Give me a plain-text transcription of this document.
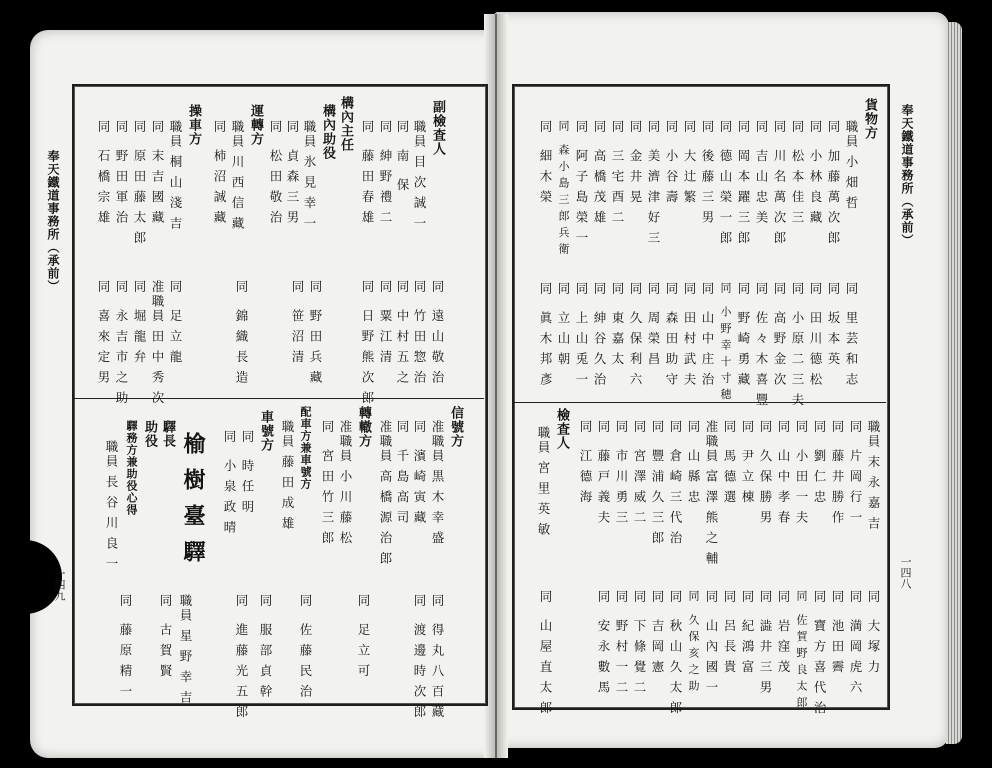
奉天鐵道事務所（承前）	奉天鐵道事務所（承前）
一四九	一四八
副檢査人
職員 目 次 誠 一
同　南　保
同　紳 野 禮 二
同　藤 田 春 雄
構內主任
構內助役
職員 氷 見 幸 一
同　貞 森 三 男
同　松 田 敬 治
運轉方
職員 川 西 信 藏
同　柿 沼 誠 藏
操車方
職員 桐 山 淺 吉
同　末 吉 國 藏
同　原 田 藤 太 郎
同　野 田 軍 治
同　石 橋 宗 雄
同　遠 山 敬 治
同　竹 田 惣 治
同　中 村 五 之
同　粟 江 清
同　日 野 熊 次 郎
同　野 田 兵 藏
同　笹 沼 清
同　錦 織 長 造
同　足 立 龍
准職員 田 中 秀 次
同　堀 龍 弁
同　永 吉 市 之 助
同　喜 來 定 男
信號方
准職員 黒 木 幸 盛
同　濱 崎 寅 藏
同　千 島 高 司
准職員 高 橋 源 治 郎
轉轍方
准職員 小 川 藤 松
同　宮 田 竹 三 郎
配車方兼車號方
職員 藤 田 成 雄
車號方
同　時 任 明
同　小 泉 政 晴
榆樹臺驛
驛長
助役
驛務方兼助役心得
職員 長 谷 川 良 一
同　得 丸 八 百 藏
同　渡 邊 時 次 郎
同　足 立 可
同　佐 藤 民 治
同　服 部 貞 幹
同　進 藤 光 五 郎
職員 星 野 幸 吉
同　古 賀 賢
同　藤 原 精 一
貨物方
職員 小 畑 哲
同　加 藤 萬 次 郎
同　小 林 良 藏
同　松 本 佳 三
同　川 名 萬 次 郎
同　吉 山 忠 美
同　岡 本 躍 三 郎
同　德 山 榮 一 郎
同　後 藤 三 男
同　大 辻 繁
同　小 谷 壽
同　美 濟 津 好 三
同　金 井 晃
同　三 宅 酉 二
同　高 橋 茂 雄
同　阿 子 島 榮 一
同　森 小 島 三 郎 兵 衛
同　細 木 榮
同　里 芸 和 志
同　坂 本 英
同　田 川 德 松
同　小 原 二 三 夫
同　高 野 金 次
同　佐 々 木 喜 豐
同　野 崎 勇 藏
同　小 野 幸 十 寸 穂
同　山 中 庄 治
同　田 村 武 夫
同　森 田 助 守
同　周 榮 昌
同　久 保 利 六
同　東 嘉 太
同　紳 谷 久 治
同　上 山 兎 一
同　立 山 朝
同　眞 木 邦 彥
職員 末 永 嘉 吉
同　片 岡 行 一
同　藤 井 勝 作
同　劉 仁 忠
同　小 田 一 夫
同　山 中 孝 春
同　久 保 勝 男
同　尹 立 棟
同　馬 德 選
准職員 富 澤 熊 之 輔
同　山 縣 忠
同　倉 崎 三 代 治
同　豐 浦 久 三 郎
同　宮 澤 威 二
同　市 川 勇 三
同　藤 戸 義 夫
同　江 德 海
檢査人
職員 宮 里 英 敏
同　大 塚 力
同　満 岡 虎 六
同　池 田 霽
同　寶 方 喜 代 治
同　佐 賀 野 良 太 郎
同　岩 窪 茂
同　澁 井 三 男
同　紀 鴻 富
同　呂 長 貴
同　山 內 國 一
同　久 保 亥 之 助
同　秋 山 久 太 郎
同　吉 岡 憲
同　下 條 覺 二
同　野 村 一 二
同　安 永 數 馬
同　山 屋 直 太 郎
